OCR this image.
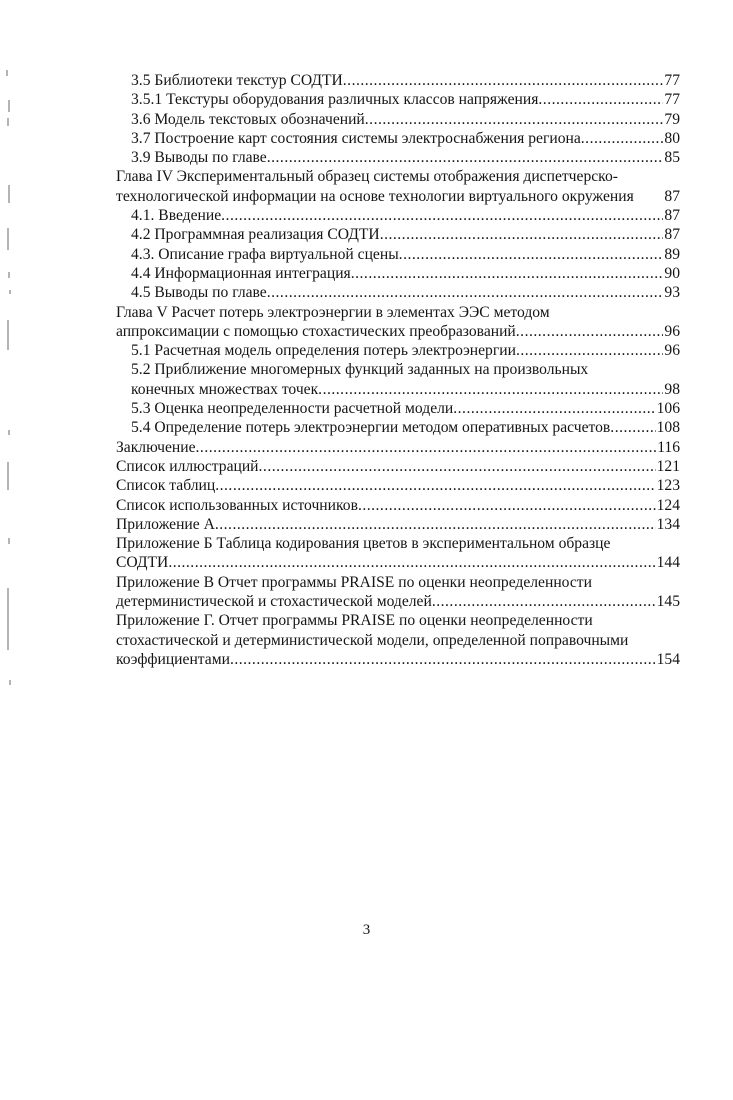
3.5 Библиотеки текстур СОДТИ .....	77
3.5.1 Текстуры оборудования различных классов напряжения .....	77
3.6 Модель текстовых обозначений .....	79
3.7 Построение карт состояния системы электроснабжения региона .....	80
3.9 Выводы по главе .....	85
Глава IV Экспериментальный образец системы отображения диспетчерско-
технологической информации на основе технологии виртуального окружения 87
4.1. Введение .....	87
4.2 Программная реализация СОДТИ .....	87
4.3. Описание графа виртуальной сцены .....	89
4.4 Информационная интеграция .....	90
4.5 Выводы по главе .....	93
Глава V Расчет потерь электроэнергии в элементах ЭЭС методом
аппроксимации с помощью стохастических преобразований .....	96
5.1 Расчетная модель определения потерь электроэнергии .....	96
5.2 Приближение многомерных функций заданных на произвольных
конечных множествах точек .....	98
5.3 Оценка неопределенности расчетной модели .....	106
5.4 Определение потерь электроэнергии методом оперативных расчетов .....	108
Заключение .....	116
Список иллюстраций .....	121
Список таблиц .....	123
Список использованных источников .....	124
Приложение А .....	134
Приложение Б Таблица кодирования цветов в экспериментальном образце
СОДТИ .....	144
Приложение В Отчет программы PRAISE по оценки неопределенности
детерминистической и стохастической моделей .....	145
Приложение Г. Отчет программы PRAISE по оценки неопределенности
стохастической и детерминистической модели, определенной поправочными
коэффициентами .....	154
3
